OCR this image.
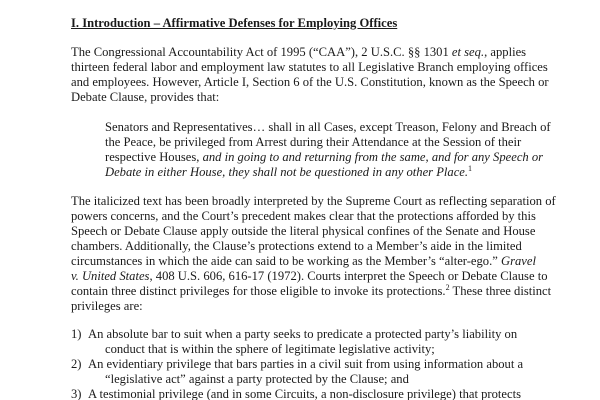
I. Introduction – Affirmative Defenses for Employing Offices
The Congressional Accountability Act of 1995 (“CAA”), 2 U.S.C. §§ 1301 et seq., applies
thirteen federal labor and employment law statutes to all Legislative Branch employing offices
and employees. However, Article I, Section 6 of the U.S. Constitution, known as the Speech or
Debate Clause, provides that:
Senators and Representatives… shall in all Cases, except Treason, Felony and Breach of
the Peace, be privileged from Arrest during their Attendance at the Session of their
respective Houses, and in going to and returning from the same, and for any Speech or
Debate in either House, they shall not be questioned in any other Place.$^1$
The italicized text has been broadly interpreted by the Supreme Court as reflecting separation of
powers concerns, and the Court’s precedent makes clear that the protections afforded by this
Speech or Debate Clause apply outside the literal physical confines of the Senate and House
chambers. Additionally, the Clause’s protections extend to a Member’s aide in the limited
circumstances in which the aide can said to be working as the Member’s “alter-ego.” Gravel
v. United States, 408 U.S. 606, 616-17 (1972). Courts interpret the Speech or Debate Clause to
contain three distinct privileges for those eligible to invoke its protections.$^2$ These three distinct
privileges are:
1) An absolute bar to suit when a party seeks to predicate a protected party’s liability on
conduct that is within the sphere of legitimate legislative activity;
2) An evidentiary privilege that bars parties in a civil suit from using information about a
“legislative act” against a party protected by the Clause; and
3) A testimonial privilege (and in some Circuits, a non-disclosure privilege) that protects
